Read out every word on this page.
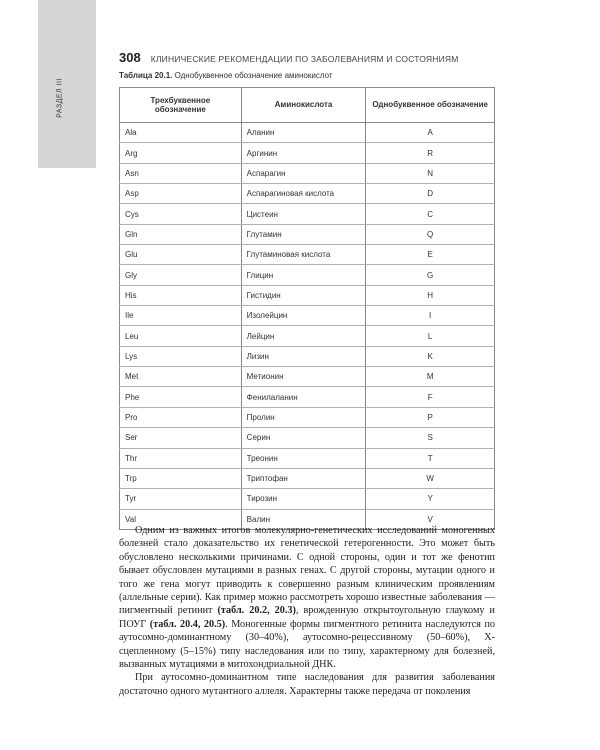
РАЗДЕЛ III
308 КЛИНИЧЕСКИЕ РЕКОМЕНДАЦИИ ПО ЗАБОЛЕВАНИЯМ И СОСТОЯНИЯМ
Таблица 20.1. Однобуквенное обозначение аминокислот
Трехбуквенное обозначение	Аминокислота	Однобуквенное обозначение
Ala	Аланин	A
Arg	Аргинин	R
Asn	Аспарагин	N
Asp	Аспарагиновая кислота	D
Cys	Цистеин	C
Gln	Глутамин	Q
Glu	Глутаминовая кислота	E
Gly	Глицин	G
His	Гистидин	H
Ile	Изолейцин	I
Leu	Лейцин	L
Lys	Лизин	K
Met	Метионин	M
Phe	Фенилаланин	F
Pro	Пролин	P
Ser	Серин	S
Thr	Треонин	T
Trp	Триптофан	W
Tyr	Тирозин	Y
Val	Валин	V

Одним из важных итогов молекулярно-генетических исследований моногенных болезней стало доказательство их генетической гетерогенности. Это может быть обусловлено несколькими причинами. С одной стороны, один и тот же фенотип бывает обусловлен мутациями в разных генах. С другой стороны, мутации одного и того же гена могут приводить к совершенно разным клиническим проявлениям (аллельные серии). Как пример можно рассмотреть хорошо известные заболевания — пигментный ретинит (табл. 20.2, 20.3), врожденную открытоугольную глаукому и ПОУГ (табл. 20.4, 20.5). Моногенные формы пигментного ретинита наследуются по аутосомно-доминантному (30–40%), аутосомно-рецессивному (50–60%), Х-сцепленному (5–15%) типу наследования или по типу, характерному для болезней, вызванных мутациями в митохондриальной ДНК.

При аутосомно-доминантном типе наследования для развития заболевания достаточно одного мутантного аллеля. Характерны также передача от поколения
